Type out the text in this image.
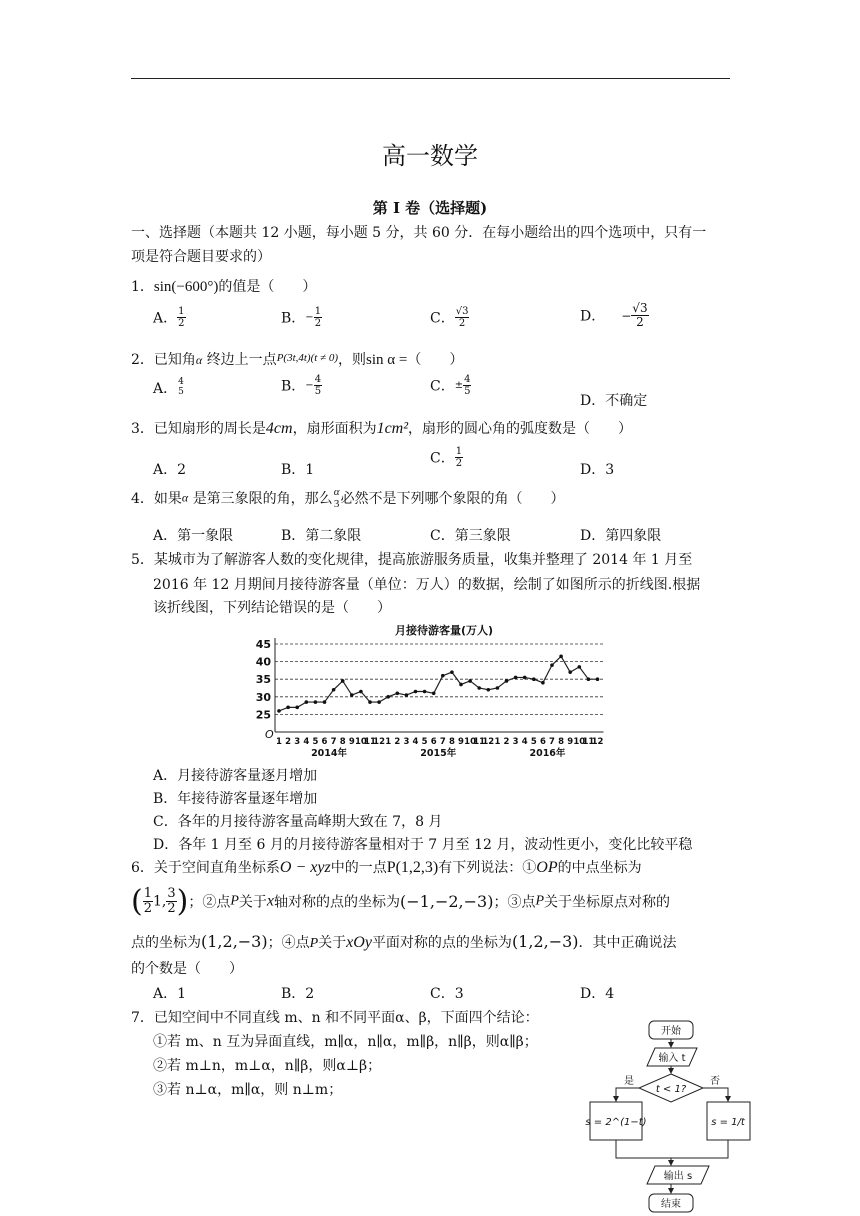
高一数学
第 I 卷（选择题)
一、选择题（本题共 12 小题，每小题 5 分，共 60 分．在每小题给出的四个选项中，只有一
项是符合题目要求的）
1．sin(−600°)的值是（　　）
A． $\frac{1}{2}$	B．− $\frac{1}{2}$	C． $\frac{√3}{2}$	D． − $\frac{√3}{2}$
2．已知角α 终边上一点$^{P(3t,4t)(t \ne 0)}$，则sin α =（　　）
A． 4
5	B．− $\frac{4}{5}$	C．± $\frac{4}{5}$
D．不确定
3．已知扇形的周长是4cm，扇形面积为1cm²，扇形的圆心角的弧度数是（　　）
A．2	B．1
C． $\frac{1}{2}$
D．3
4．如果α 是第三象限的角，那么 α
3 必然不是下列哪个象限的角（　　）
A．第一象限	B．第二象限	C．第三象限	D．第四象限
5．某城市为了解游客人数的变化规律，提高旅游服务质量，收集并整理了 2014 年 1 月至
2016 年 12 月期间月接待游客量（单位：万人）的数据，绘制了如图所示的折线图.根据
该折线图，下列结论错误的是（　　）
月接待游客量(万人)
45
40
35
30
25
1 2 3 4 5 6 7 8 9 10
11
12 1 2 3 4 5 6 7 8 9 10
11
12 1 2 3 4 5 6 7 8 9 10
11
12
2014年	2015年	2016年
O
A．月接待游客量逐月增加
B．年接待游客量逐年增加
C．各年的月接待游客量高峰期大致在 7，8 月
D．各年 1 月至 6 月的月接待游客量相对于 7 月至 12 月，波动性更小，变化比较平稳
6．关于空间直角坐标系O − xyz中的一点P(1,2,3)有下列说法：①OP的中点坐标为
( $\frac{1}{2} 1$, $\frac{3}{2}$ )；②点P关于x轴对称的点的坐标为(−1,−2,−3)；③点P关于坐标原点对称的
点的坐标为(1,2,−3)；④点P关于xOy平面对称的点的坐标为(1,2,−3)．其中正确说法
的个数是（　　）
A．1	B．2	C．3	D．4
7．已知空间中不同直线 m、n 和不同平面α、β，下面四个结论：
①若 m、n 互为异面直线，m∥α，n∥α，m∥β，n∥β，则α∥β；
②若 m⊥n，m⊥α，n∥β，则α⊥β；
③若 n⊥α，m∥α，则 n⊥m；
开始
输入 t
t < 1?
是	否
s = 2^(1−t)	s = 1/t
输出 s
结束
